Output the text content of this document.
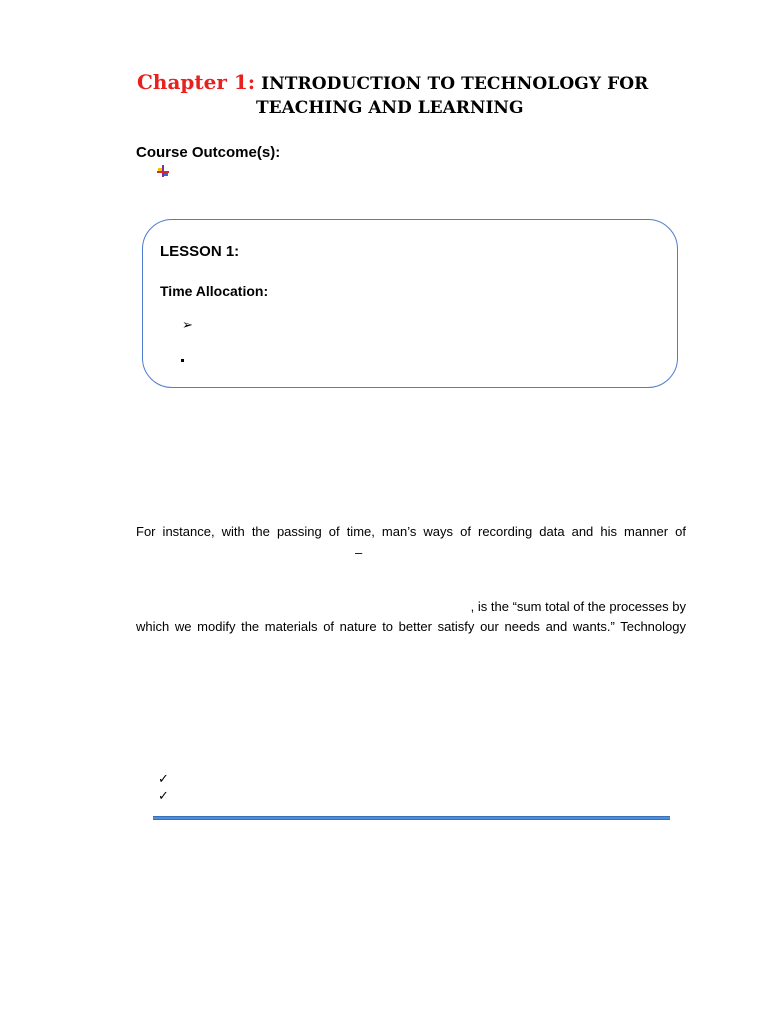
Chapter 1: INTRODUCTION TO TECHNOLOGY FOR
TEACHING AND LEARNING
Course Outcome(s):
LESSON 1:
Time Allocation:
➢
For instance, with the passing of time, man’s ways of recording data and his manner of
–
, is the “sum total of the processes by
which we modify the materials of nature to better satisfy our needs and wants.” Technology
✓
✓
